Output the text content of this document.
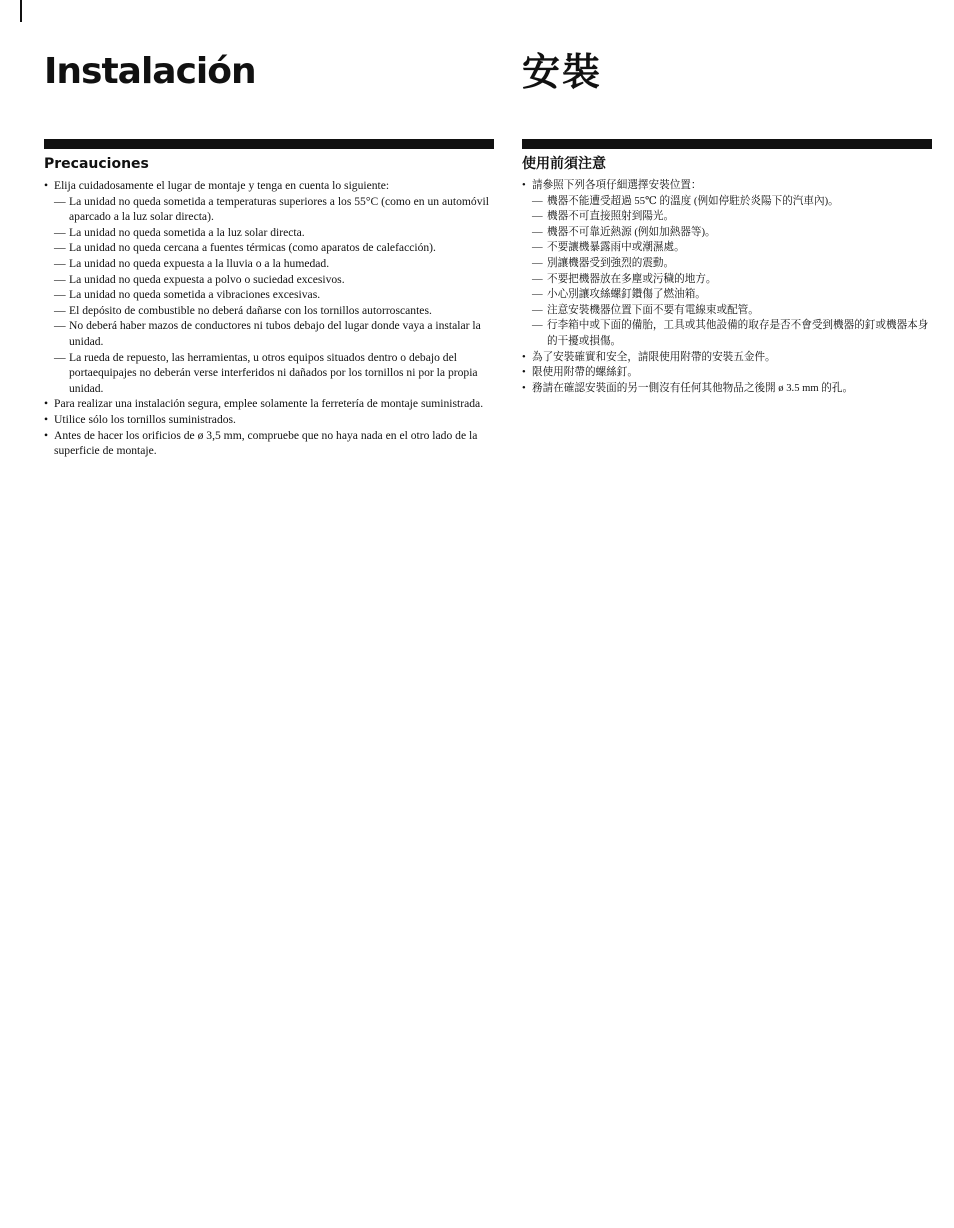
Instalación
Precauciones
• Elija cuidadosamente el lugar de montaje y tenga en cuenta lo siguiente:
— La unidad no queda sometida a temperaturas superiores a los 55°C (como en un automóvil aparcado a la luz solar directa).
— La unidad no queda sometida a la luz solar directa.
— La unidad no queda cercana a fuentes térmicas (como aparatos de calefacción).
— La unidad no queda expuesta a la lluvia o a la humedad.
— La unidad no queda expuesta a polvo o suciedad excesivos.
— La unidad no queda sometida a vibraciones excesivas.
— El depósito de combustible no deberá dañarse con los tornillos autorroscantes.
— No deberá haber mazos de conductores ni tubos debajo del lugar donde vaya a instalar la unidad.
— La rueda de repuesto, las herramientas, u otros equipos situados dentro o debajo del portaequipajes no deberán verse interferidos ni dañados por los tornillos ni por la propia unidad.
• Para realizar una instalación segura, emplee solamente la ferretería de montaje suministrada.
• Utilice sólo los tornillos suministrados.
• Antes de hacer los orificios de ø 3,5 mm, compruebe que no haya nada en el otro lado de la superficie de montaje.
安裝
使用前須注意
• 請參照下列各項仔細選擇安裝位置：
— 機器不能遭受超過 55℃ 的溫度 (例如停駐於炎陽下的汽車內)。
— 機器不可直接照射到陽光。
— 機器不可靠近熱源 (例如加熱器等)。
— 不要讓機暴露雨中或潮濕處。
— 別讓機器受到強烈的震動。
— 不要把機器放在多塵或污穢的地方。
— 小心別讓攻絲螺釘鑽傷了燃油箱。
— 注意安裝機器位置下面不要有電線束或配管。
— 行李箱中或下面的備胎，工具或其他設備的取存是否不會受到機器的釘或機器本身的干擾或損傷。
• 為了安裝確實和安全，請限使用附帶的安裝五金件。
• 限使用附帶的螺絲釘。
• 務請在確認安裝面的另一側沒有任何其他物品之後開 ø 3.5 mm 的孔。
